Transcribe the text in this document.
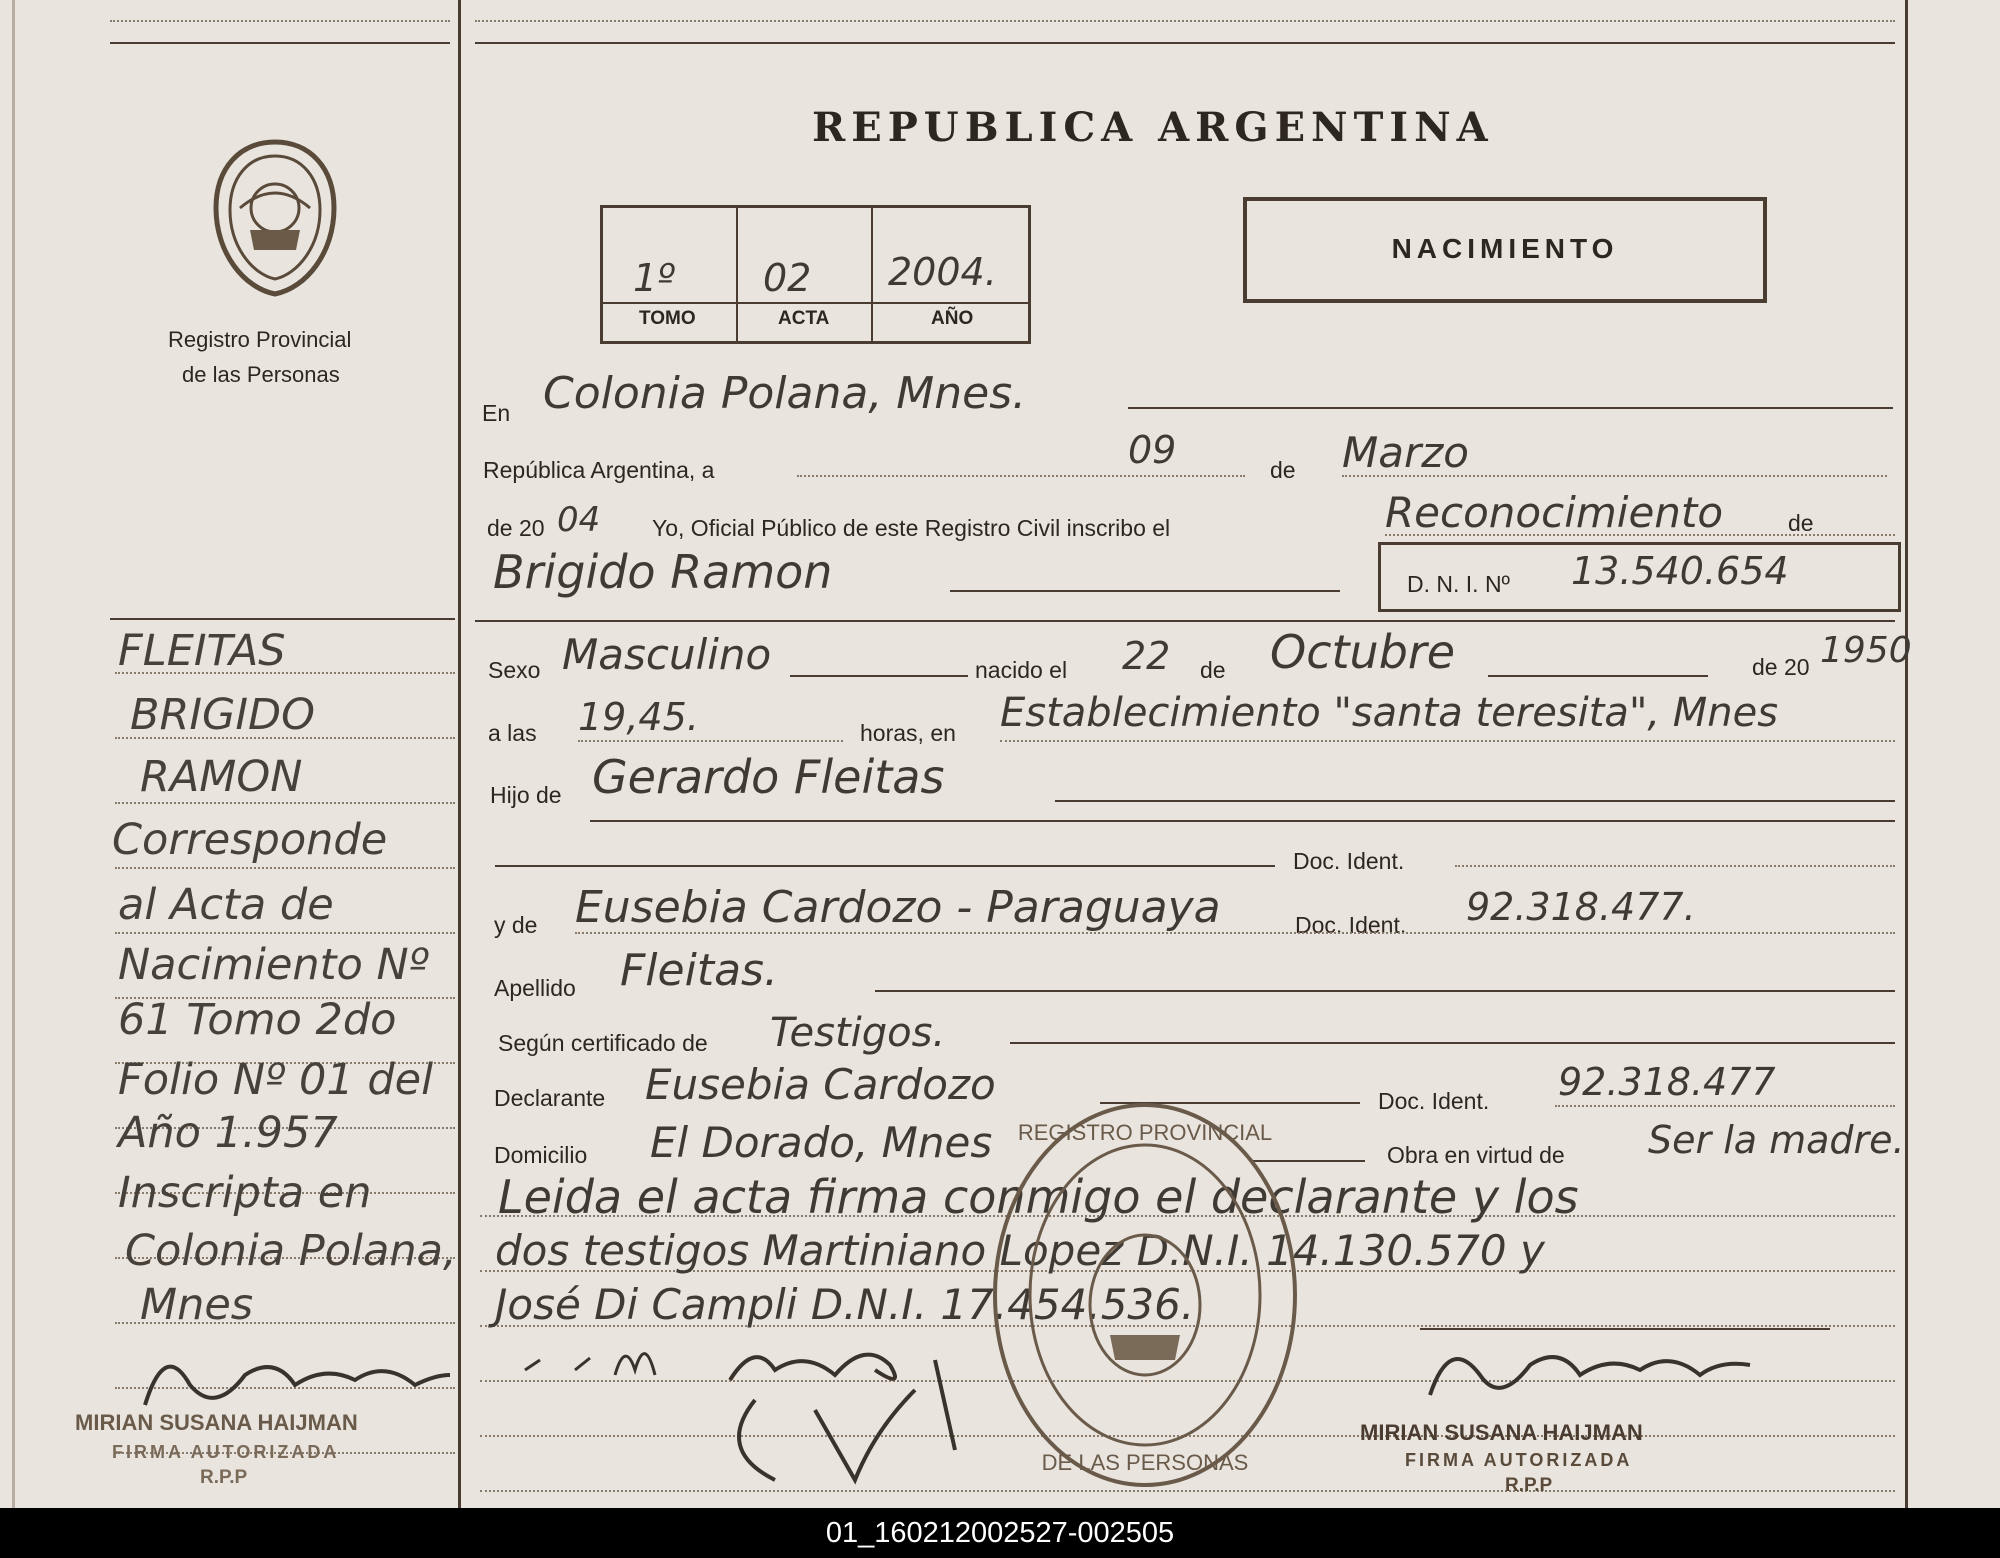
Registro Provincial
de las Personas
REPUBLICA ARGENTINA
1º 02 2004.
TOMO	ACTA	AÑO
NACIMIENTO
En Colonia Polana, Mnes.
República Argentina, a	09	de Marzo
de 20 04 Yo, Oficial Público de este Registro Civil inscribo el	Reconocimiento	de
Brigido Ramon	D. N. I. Nº 13.540.654
Sexo Masculino	nacido el 22 de Octubre	de 20 1950
a las 19,45.	horas, en Establecimiento "santa teresita", Mnes
Hijo de Gerardo Fleitas
Doc. Ident.
y de Eusebia Cardozo - Paraguaya	Doc. Ident. 92.318.477.
Apellido Fleitas.
Según certificado de Testigos.
Declarante Eusebia Cardozo	Doc. Ident. 92.318.477
Domicilio El Dorado, Mnes	Obra en virtud de Ser la madre.
Leida el acta firma conmigo el declarante y los
dos testigos Martiniano Lopez D.N.I. 14.130.570 y
José Di Campli D.N.I. 17.454.536.
REGISTRO PROVINCIAL
DE LAS PERSONAS
MIRIAN SUSANA HAIJMAN
FIRMA AUTORIZADA
R.P.P
FLEITAS
BRIGIDO
RAMON
Corresponde
al Acta de
Nacimiento Nº
61 Tomo 2do
Folio Nº 01 del
Año 1.957
Inscripta en
Colonia Polana,
Mnes
MIRIAN SUSANA HAIJMAN
FIRMA AUTORIZADA
R.P.P
01_160212002527-002505
